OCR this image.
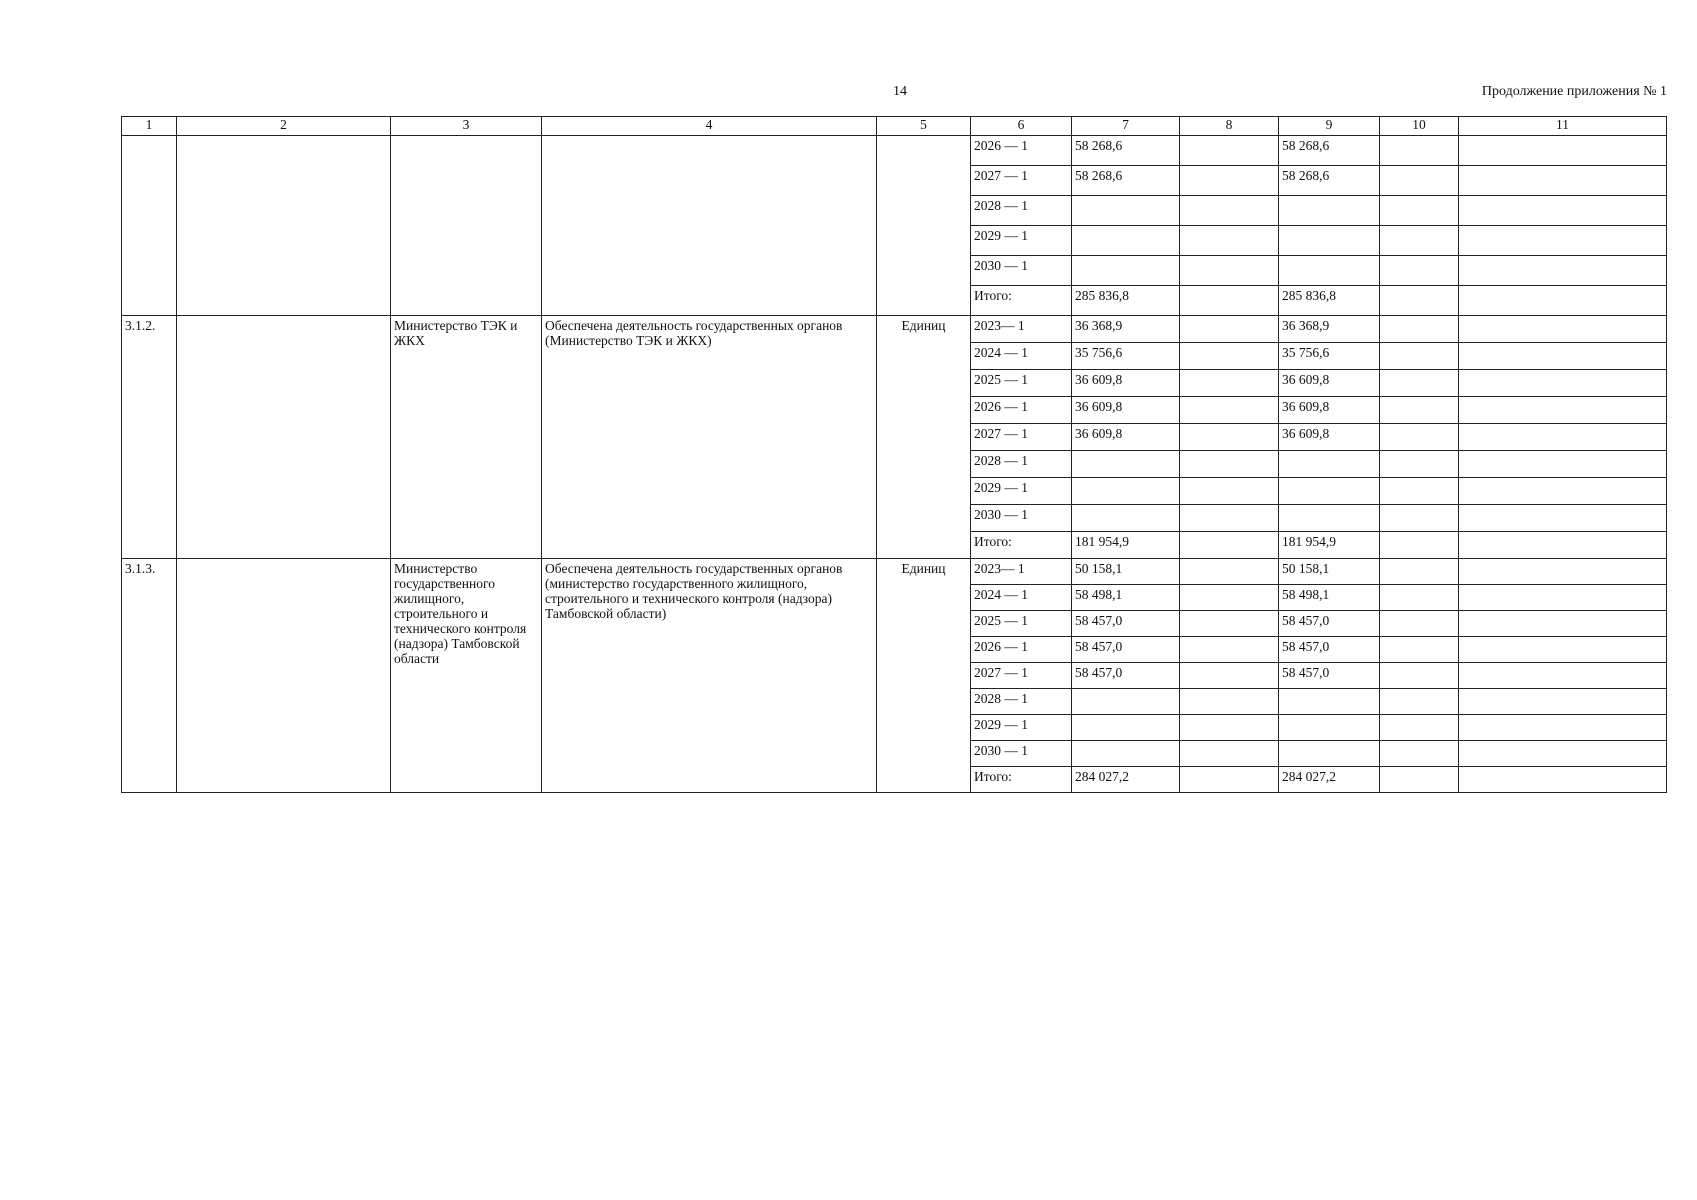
14	Продолжение приложения № 1
1	2	3	4	5	6	7	8	9	10	11
					2026 — 1	58 268,6		58 268,6		
					2027 — 1	58 268,6		58 268,6		
					2028 — 1					
					2029 — 1					
					2030 — 1					
					Итого:	285 836,8		285 836,8		
3.1.2.		Министерство ТЭК и ЖКХ	Обеспечена деятельность государственных органов (Министерство ТЭК и ЖКХ)	Единиц	2023— 1	36 368,9		36 368,9		
					2024 — 1	35 756,6		35 756,6		
					2025 — 1	36 609,8		36 609,8		
					2026 — 1	36 609,8		36 609,8		
					2027 — 1	36 609,8		36 609,8		
					2028 — 1					
					2029 — 1					
					2030 — 1					
					Итого:	181 954,9		181 954,9		
3.1.3.		Министерство государственного жилищного, строительного и технического контроля (надзора) Тамбовской области	Обеспечена деятельность государственных органов (министерство государственного жилищного, строительного и технического контроля (надзора) Тамбовской области)	Единиц	2023— 1	50 158,1		50 158,1		
					2024 — 1	58 498,1		58 498,1		
					2025 — 1	58 457,0		58 457,0		
					2026 — 1	58 457,0		58 457,0		
					2027 — 1	58 457,0		58 457,0		
					2028 — 1					
					2029 — 1					
					2030 — 1					
					Итого:	284 027,2		284 027,2		
